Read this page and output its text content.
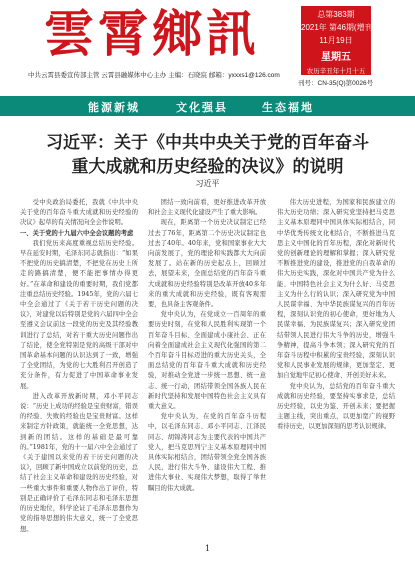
雲霄鄉訊
中共云霄县委宣传部主管 云霄县融媒体中心主办 主编：石晓宸 邮箱：yxxxs1@126.com
总第383期
2021年 第46期(增刊)
11月19日
星期五
农历辛丑年十月十五
刊号：CN-35(Q)第0026号
能源新城	文化强县	生态福地
习近平：关于《中共中央关于党的百年奋斗
重大成就和历史经验的决议》的说明
习近平

受中央政治局委托，我就《中共中央关于党的百年奋斗重大成就和历史经验的决议》起草的有关情况向全会作说明。

一、关于党的十九届六中全会议题的考虑

我们党历来高度重视总结历史经验。早在延安时期，毛泽东同志就指出：“如果不把党的历史搞清楚，不把党在历史上所走的路搞清楚，便不能把事情办得更好。”在革命和建设的重要时期，我们党都注重总结历史经验。1945年，党的六届七中全会通过了《关于若干历史问题的决议》，对建党以后特别是党的六届四中全会至遵义会议前这一段党的历史及其经验教训进行了总结，对若干重大历史问题作出了结论，使全党特别是党的高级干部对中国革命基本问题的认识达到了一致，增强了全党团结，为党的七大胜利召开创造了充分条件，有力促进了中国革命事业发展。

进入改革开放新时期，邓小平同志说：“历史上成功的经验是宝贵财富，错误的经验、失败的经验也是宝贵财富。这样来制定方针政策，就能统一全党思想，达到新的团结。这样的基础是最可靠的。”1981年，党的十一届六中全会通过了《关于建国以来党的若干历史问题的决议》，回顾了新中国成立以前党的历史，总结了社会主义革命和建设的历史经验，对一些重大事件和重要人物作出了评价，特别是正确评价了毛泽东同志和毛泽东思想的历史地位，科学论证了毛泽东思想作为党的指导思想的伟大意义，统一了全党思想。

团结一致向前看，更好推进改革开放和社会主义现代化建设产生了重大影响。

现在，距离第一个历史决议制定已经过去了76年，距离第二个历史决议制定也过去了40年。40年来，党和国家事业大大向前发展了，党的理论和实践都大大向前发展了。站在新的历史起点上，回顾过去，展望未来，全面总结党的百年奋斗重大成就和历史经验特别是改革开放40多年来的重大成就和历史经验，既有客观需要，也具备主客观条件。

党中央认为，在党成立一百周年的重要历史时刻，在党和人民胜利实现第一个百年奋斗目标、全面建成小康社会、正在向着全面建成社会主义现代化强国的第二个百年奋斗目标迈进的重大历史关头，全面总结党的百年奋斗重大成就和历史经验，对推动全党进一步统一思想、统一意志、统一行动，团结带领全国各族人民在新时代坚持和发展中国特色社会主义具有重大意义。

党中央认为，在党的百年奋斗历程中，以毛泽东同志、邓小平同志、江泽民同志、胡锦涛同志为主要代表的中国共产党人，把马克思列宁主义基本原理同中国具体实际相结合，团结带领全党全国各族人民，进行伟大斗争、建设伟大工程、推进伟大事业、实现伟大梦想，取得了举世瞩目的伟大成就。

伟大历史进程，为国家和民族建立的伟大历史功绩；深入研究党坚持把马克思主义基本原理同中国具体实际相结合，同中华优秀传统文化相结合，不断推进马克思主义中国化的百年历程，深化对新时代党的创新理论的理解和掌握；深入研究党不断推进党的建设，推进党的自我革命的伟大历史实践，深化对中国共产党为什么能、中国特色社会主义为什么好、马克思主义为什么行的认识；深入研究党为中国人民谋幸福、为中华民族谋复兴的百年历程，深刻认识党的初心使命，更好地为人民谋幸福、为民族谋复兴；深入研究党团结带领人民进行伟大斗争的历史，增强斗争精神，提高斗争本领；深入研究党的百年奋斗历程中积累的宝贵经验，深刻认识党和人民事业发展的规律，更加坚定、更加自觉地牢记初心使命、开创美好未来。

党中央认为，总结党的百年奋斗重大成就和历史经验，要坚持实事求是，总结历史经验，以史为鉴、开创未来；要把握主题主线，突出重点，以更加宽广的视野看待历史，以更加深刻的思考认识规律。

1
